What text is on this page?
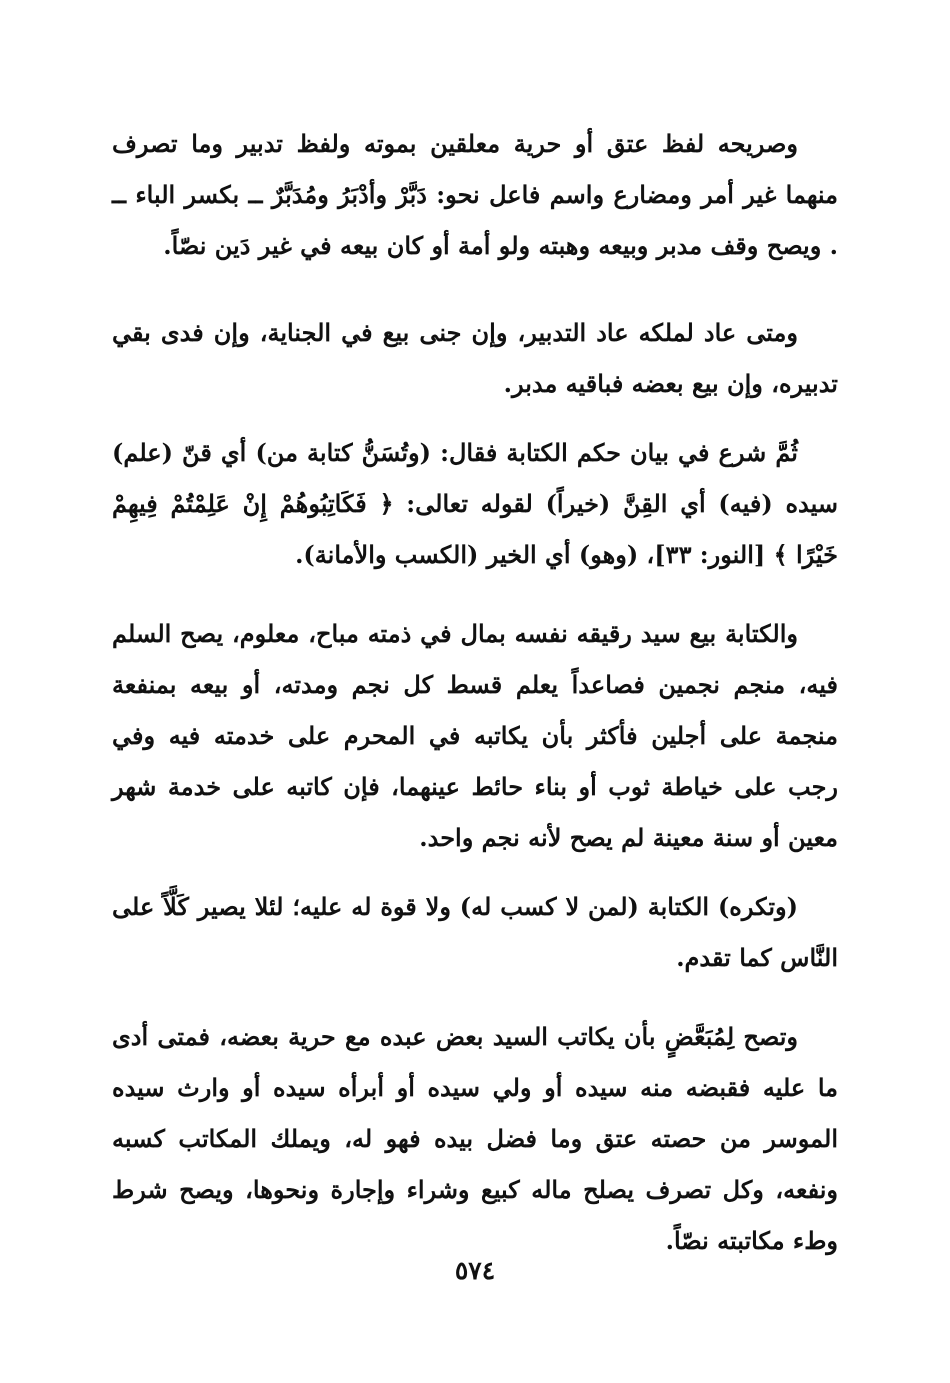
وصريحه لفظ عتق أو حرية معلقين بموته ولفظ تدبير وما تصرف منهما غير أمر ومضارع واسم فاعل نحو: دَبَّرْ وأدْبَرُ ومُدَبَّرٌ ــ بكسر الباء ــ . ويصح وقف مدبر وبيعه وهبته ولو أمة أو كان بيعه في غير دَين نصّاً.

ومتى عاد لملكه عاد التدبير، وإن جنى بيع في الجناية، وإن فدى بقي تدبيره، وإن بيع بعضه فباقيه مدبر.

ثُمَّ شرع في بيان حكم الكتابة فقال: (وتُسَنُّ كتابة من) أي قنّ (علم) سيده (فيه) أي القِنَّ (خيراً) لقوله تعالى: ﴿ فَكَاتِبُوهُمْ إِنْ عَلِمْتُمْ فِيهِمْ خَيْرًا ﴾ [النور: ٣٣]، (وهو) أي الخير (الكسب والأمانة).

والكتابة بيع سيد رقيقه نفسه بمال في ذمته مباح، معلوم، يصح السلم فيه، منجم نجمين فصاعداً يعلم قسط كل نجم ومدته، أو بيعه بمنفعة منجمة على أجلين فأكثر بأن يكاتبه في المحرم على خدمته فيه وفي رجب على خياطة ثوب أو بناء حائط عينهما، فإن كاتبه على خدمة شهر معين أو سنة معينة لم يصح لأنه نجم واحد.

(وتكره) الكتابة (لمن لا كسب له) ولا قوة له عليه؛ لئلا يصير كَلَّاً على النَّاس كما تقدم.

وتصح لِمُبَعَّضٍ بأن يكاتب السيد بعض عبده مع حرية بعضه، فمتى أدى ما عليه فقبضه منه سيده أو ولي سيده أو أبرأه سيده أو وارث سيده الموسر من حصته عتق وما فضل بيده فهو له، ويملك المكاتب كسبه ونفعه، وكل تصرف يصلح ماله كبيع وشراء وإجارة ونحوها، ويصح شرط وطء مكاتبته نصّاً.

٥٧٤
